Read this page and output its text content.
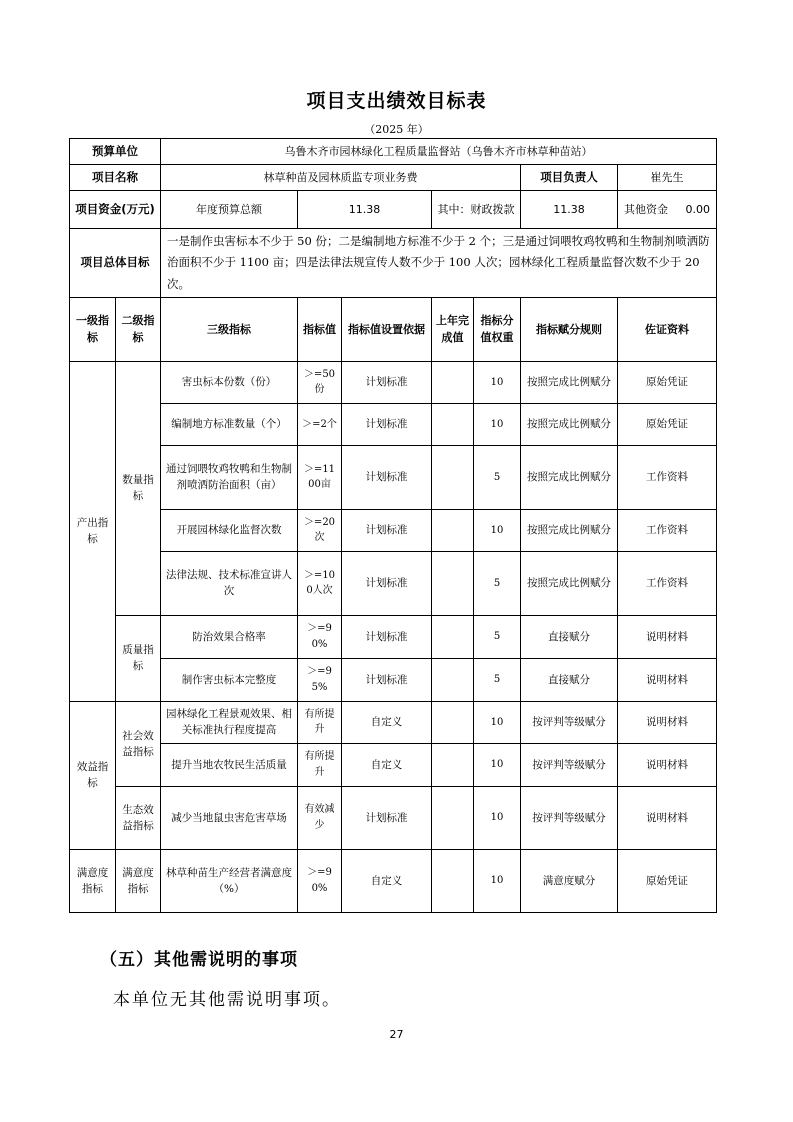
项目支出绩效目标表
（2025 年）
预算单位		乌鲁木齐市园林绿化工程质量监督站（乌鲁木齐市林草种苗站）						
项目名称		林草种苗及园林质监专项业务费					项目负责人	崔先生
项目资金(万元)		年度预算总额	11.38		其中：财政拨款		11.38	其他资金 0.00
项目总体目标		一是制作虫害标本不少于 50 份；二是编制地方标准不少于 2 个；三是通过饲喂牧鸡牧鸭和生物制剂喷洒防治面积不少于 1100 亩；四是法律法规宣传人数不少于 100 人次；园林绿化工程质量监督次数不少于 20 次。						
一级指标	二级指标	三级指标	指标值	指标值设置依据	上年完成值	指标分值权重	指标赋分规则	佐证资料
产出指标	数量指标	害虫标本份数（份）	＞=50份	计划标准		10	按照完成比例赋分	原始凭证
		编制地方标准数量（个）	＞=2个	计划标准		10	按照完成比例赋分	原始凭证
		通过饲喂牧鸡牧鸭和生物制剂喷洒防治面积（亩）	＞=1100亩	计划标准		5	按照完成比例赋分	工作资料
		开展园林绿化监督次数	＞=20次	计划标准		10	按照完成比例赋分	工作资料
		法律法规、技术标准宣讲人次	＞=100人次	计划标准		5	按照完成比例赋分	工作资料
	质量指标	防治效果合格率	＞=90%	计划标准		5	直接赋分	说明材料
		制作害虫标本完整度	＞=95%	计划标准		5	直接赋分	说明材料
效益指标	社会效益指标	园林绿化工程景观效果、相关标准执行程度提高	有所提升	自定义		10	按评判等级赋分	说明材料
		提升当地农牧民生活质量	有所提升	自定义		10	按评判等级赋分	说明材料
	生态效益指标	减少当地鼠虫害危害草场	有效减少	计划标准		10	按评判等级赋分	说明材料
满意度指标	满意度指标	林草种苗生产经营者满意度（%）	＞=90%	自定义		10	满意度赋分	原始凭证
（五）其他需说明的事项
本单位无其他需说明事项。
27
